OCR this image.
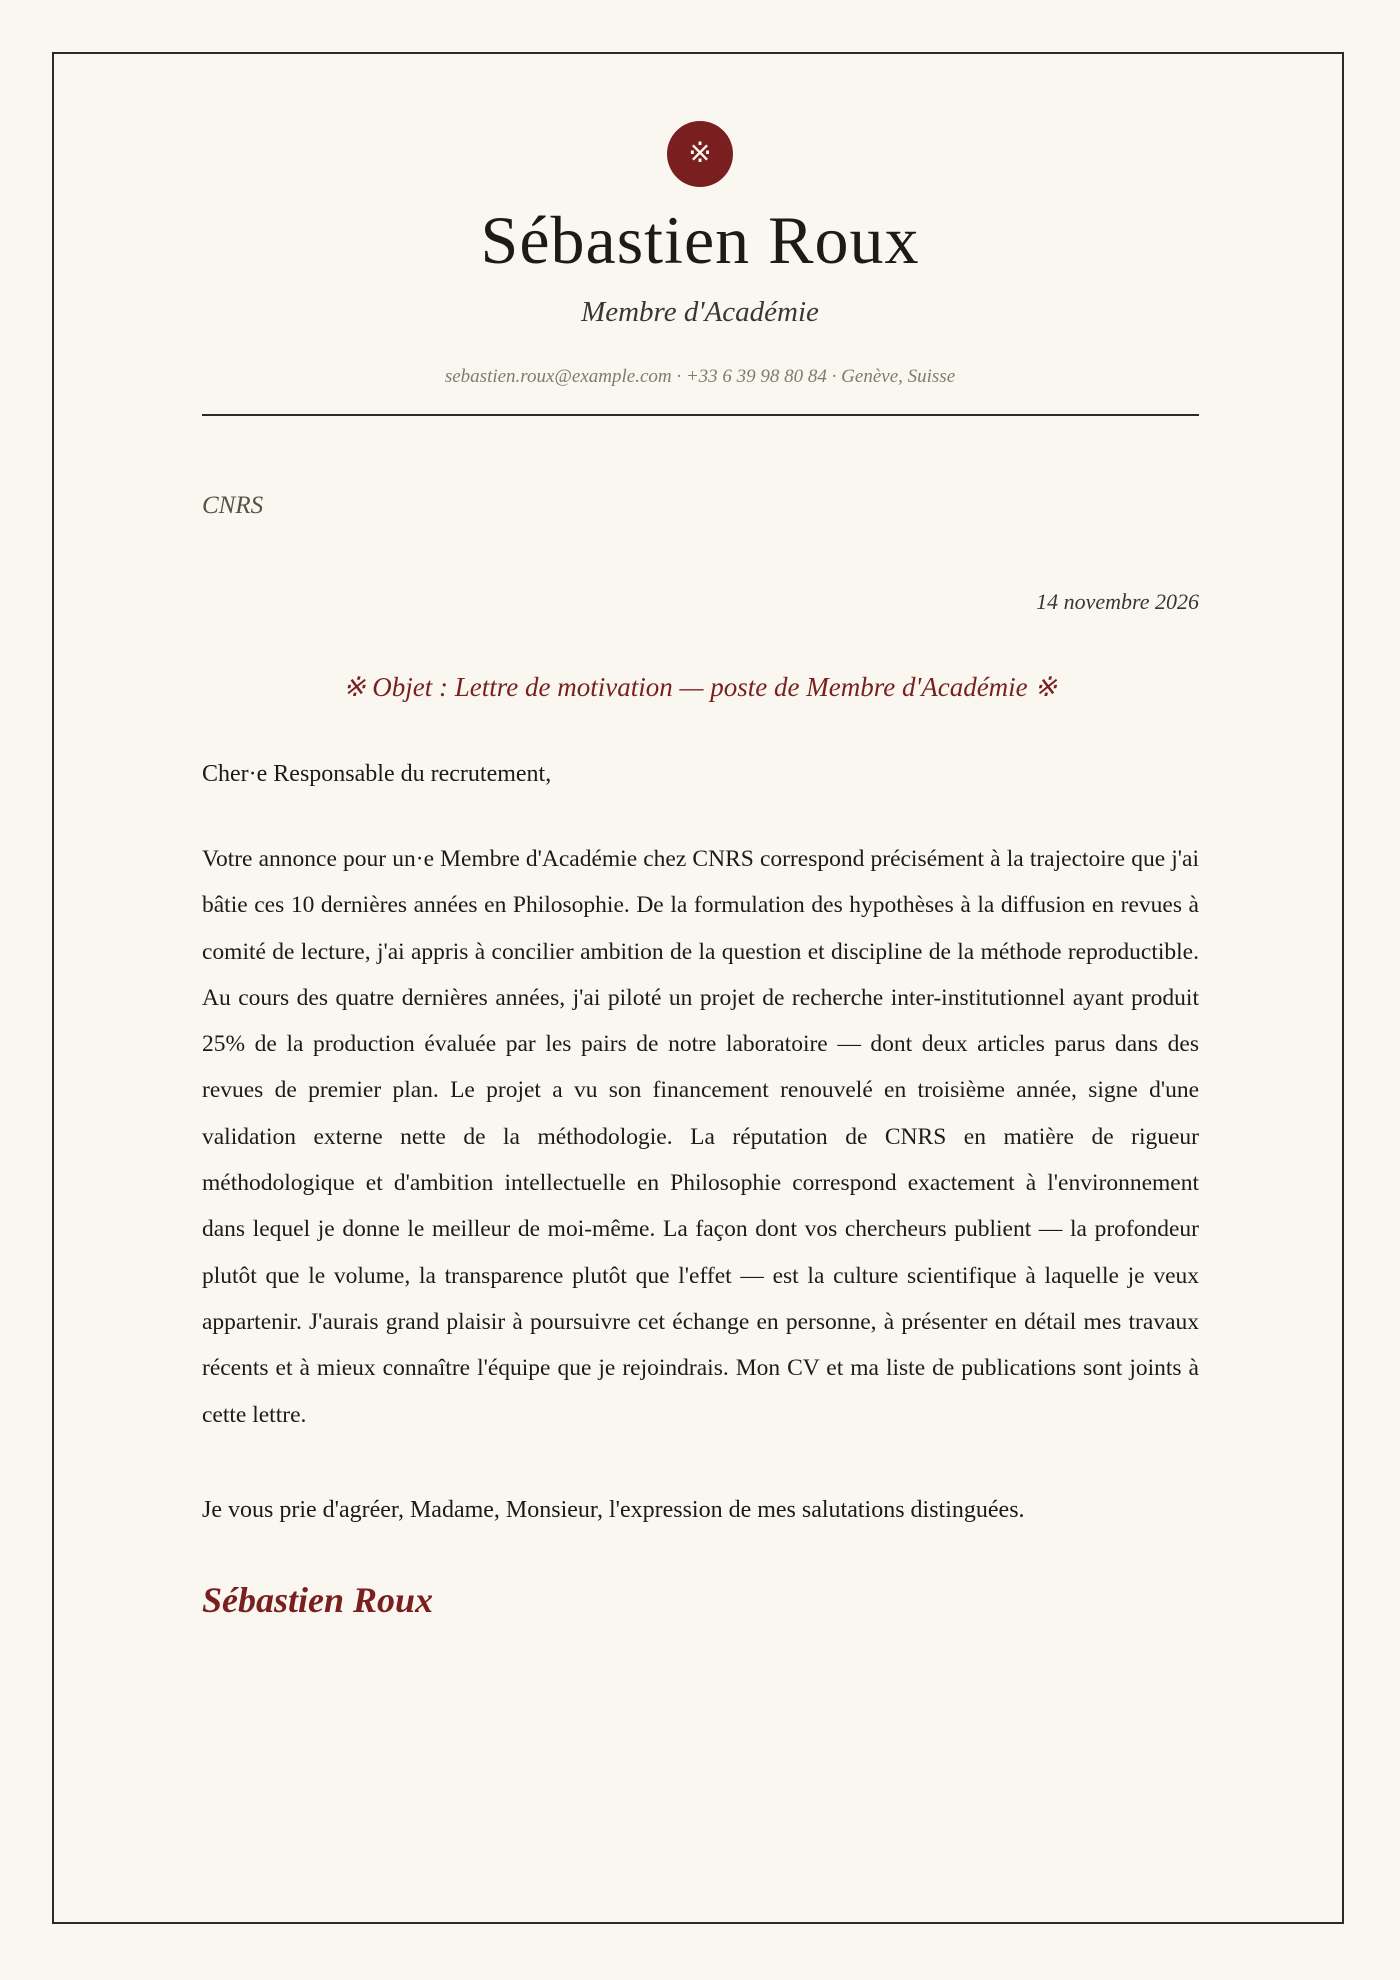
※
Sébastien Roux
Membre d'Académie
sebastien.roux@example.com · +33 6 39 98 80 84 · Genève, Suisse
CNRS
14 novembre 2026
※ Objet : Lettre de motivation — poste de Membre d'Académie ※
Cher·e Responsable du recrutement,
Votre annonce pour un·e Membre d'Académie chez CNRS correspond précisément à la trajectoire que j'ai bâtie ces 10 dernières années en Philosophie. De la formulation des hypothèses à la diffusion en revues à comité de lecture, j'ai appris à concilier ambition de la question et discipline de la méthode reproductible. Au cours des quatre dernières années, j'ai piloté un projet de recherche inter-institutionnel ayant produit 25% de la production évaluée par les pairs de notre laboratoire — dont deux articles parus dans des revues de premier plan. Le projet a vu son financement renouvelé en troisième année, signe d'une validation externe nette de la méthodologie. La réputation de CNRS en matière de rigueur méthodologique et d'ambition intellectuelle en Philosophie correspond exactement à l'environnement dans lequel je donne le meilleur de moi-même. La façon dont vos chercheurs publient — la profondeur plutôt que le volume, la transparence plutôt que l'effet — est la culture scientifique à laquelle je veux appartenir. J'aurais grand plaisir à poursuivre cet échange en personne, à présenter en détail mes travaux récents et à mieux connaître l'équipe que je rejoindrais. Mon CV et ma liste de publications sont joints à cette lettre.
Je vous prie d'agréer, Madame, Monsieur, l'expression de mes salutations distinguées.
Sébastien Roux
